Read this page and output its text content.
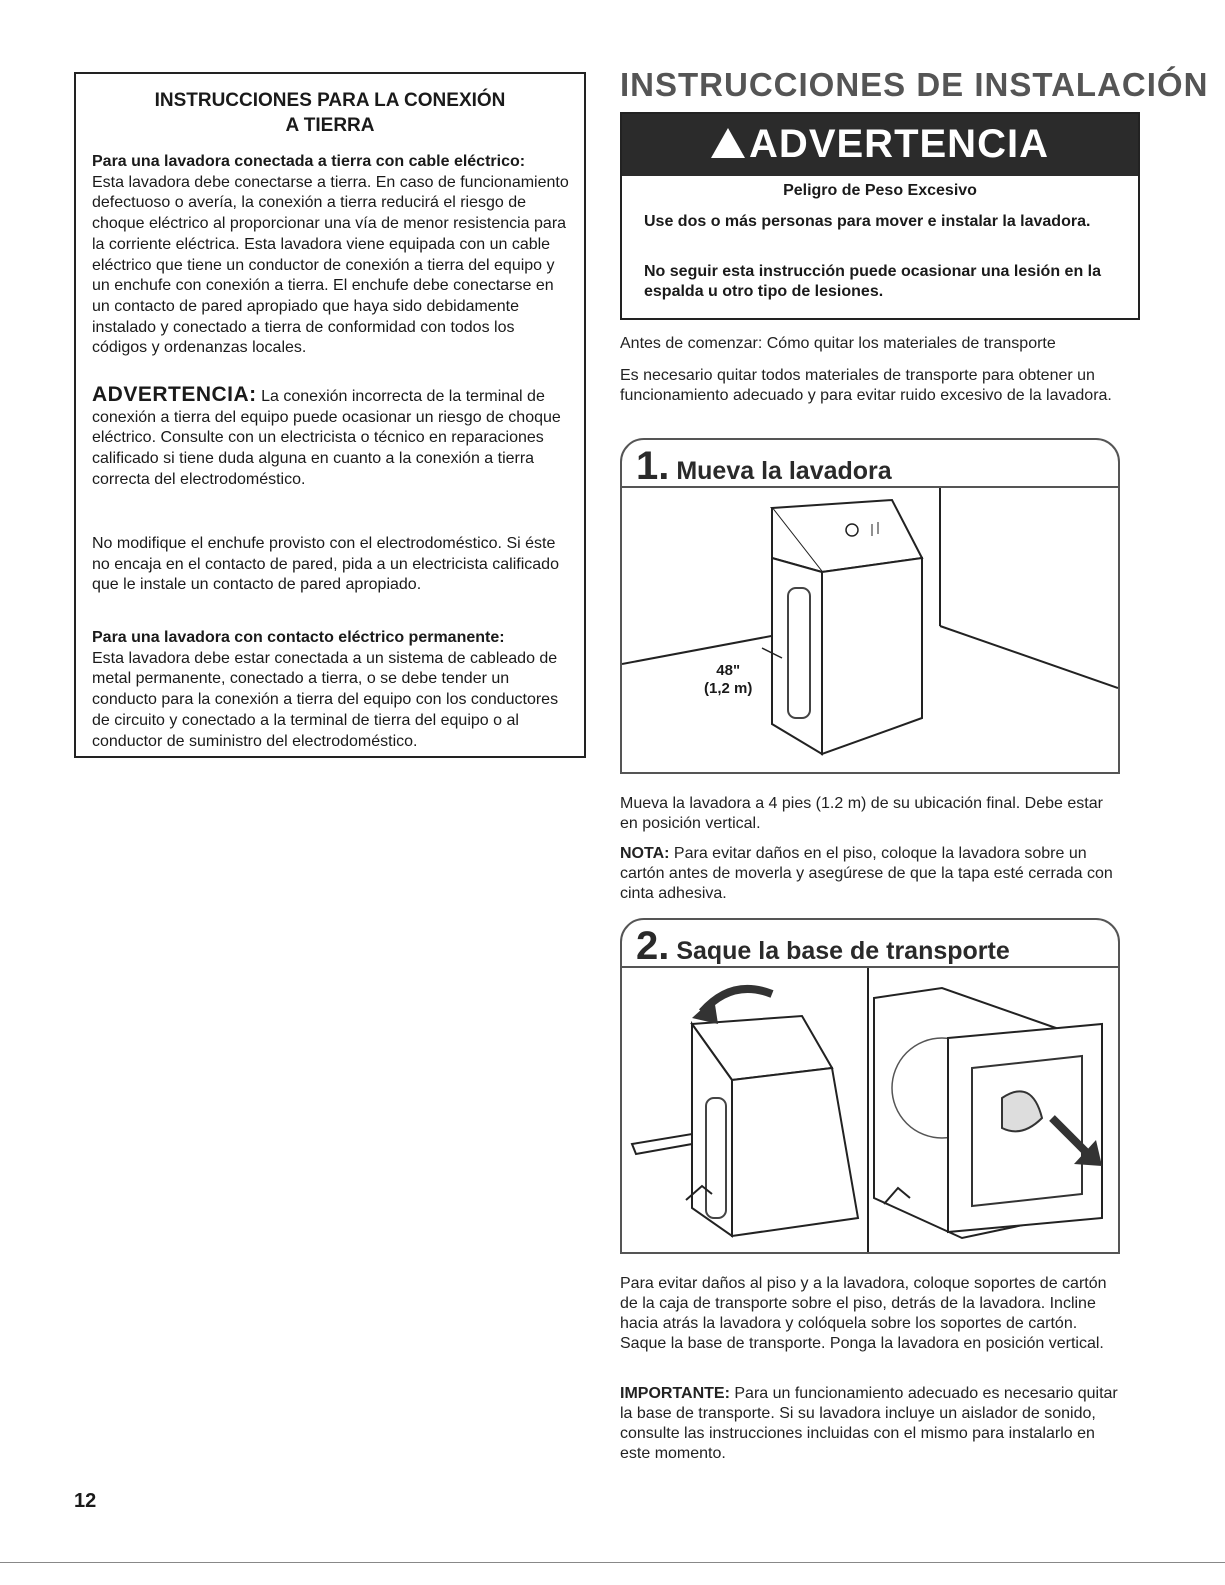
INSTRUCCIONES PARA LA CONEXIÓN
A TIERRA
Para una lavadora conectada a tierra con cable eléctrico:
Esta lavadora debe conectarse a tierra. En caso de funcionamiento defectuoso o avería, la conexión a tierra reducirá el riesgo de choque eléctrico al proporcionar una vía de menor resistencia para la corriente eléctrica. Esta lavadora viene equipada con un cable eléctrico que tiene un conductor de conexión a tierra del equipo y un enchufe con conexión a tierra. El enchufe debe conectarse en un contacto de pared apropiado que haya sido debidamente instalado y conectado a tierra de conformidad con todos los códigos y ordenanzas locales.
ADVERTENCIA: La conexión incorrecta de la terminal de conexión a tierra del equipo puede ocasionar un riesgo de choque eléctrico. Consulte con un electricista o técnico en reparaciones calificado si tiene duda alguna en cuanto a la conexión a tierra correcta del electrodoméstico.
No modifique el enchufe provisto con el electrodoméstico. Si éste no encaja en el contacto de pared, pida a un electricista calificado que le instale un contacto de pared apropiado.
Para una lavadora con contacto eléctrico permanente:
Esta lavadora debe estar conectada a un sistema de cableado de metal permanente, conectado a tierra, o se debe tender un conducto para la conexión a tierra del equipo con los conductores de circuito y conectado a la terminal de tierra del equipo o al conductor de suministro del electrodoméstico.
INSTRUCCIONES DE INSTALACIÓN
ADVERTENCIA
Peligro de Peso Excesivo
Use dos o más personas para mover e instalar la lavadora.
No seguir esta instrucción puede ocasionar una lesión en la espalda u otro tipo de lesiones.
Antes de comenzar: Cómo quitar los materiales de transporte
Es necesario quitar todos materiales de transporte para obtener un funcionamiento adecuado y para evitar ruido excesivo de la lavadora.
1. Mueva la lavadora
48"
(1,2 m)
Mueva la lavadora a 4 pies (1.2 m) de su ubicación final. Debe estar en posición vertical.
NOTA: Para evitar daños en el piso, coloque la lavadora sobre un cartón antes de moverla y asegúrese de que la tapa esté cerrada con cinta adhesiva.
2. Saque la base de transporte
Para evitar daños al piso y a la lavadora, coloque soportes de cartón de la caja de transporte sobre el piso, detrás de la lavadora. Incline hacia atrás la lavadora y colóquela sobre los soportes de cartón. Saque la base de transporte. Ponga la lavadora en posición vertical.
IMPORTANTE: Para un funcionamiento adecuado es necesario quitar la base de transporte. Si su lavadora incluye un aislador de sonido, consulte las instrucciones incluidas con el mismo para instalarlo en este momento.
12
